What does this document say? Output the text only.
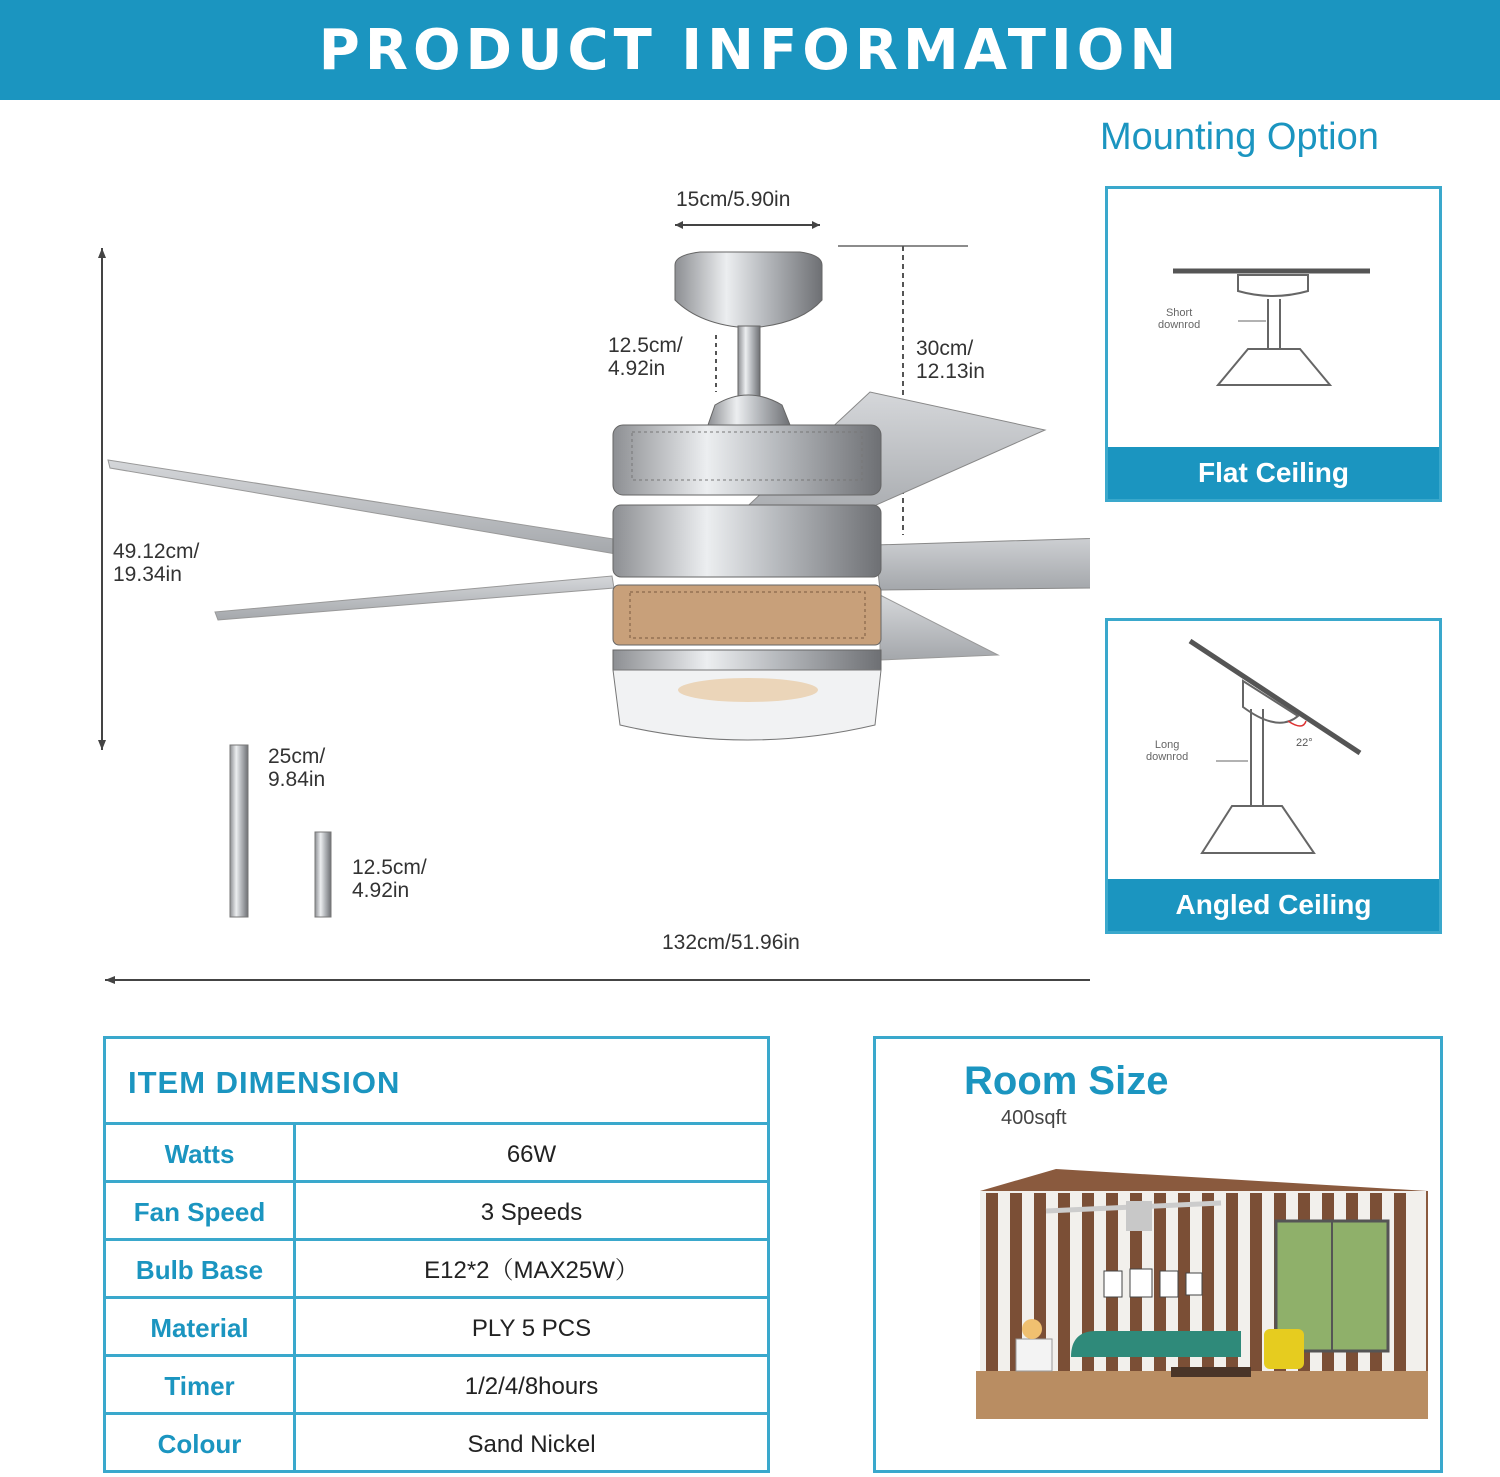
PRODUCT INFORMATION
15cm/5.90in
12.5cm/
4.92in
30cm/
12.13in
49.12cm/
19.34in
25cm/
9.84in
12.5cm/
4.92in
132cm/51.96in
Mounting Option
Short
downrod
Flat Ceiling
Long
downrod
22°
Angled Ceiling
ITEM DIMENSION
Watts	66W
Fan Speed	3 Speeds
Bulb Base	E12*2（MAX25W）
Material	PLY 5 PCS
Timer	1/2/4/8hours
Colour	Sand Nickel
Room Size
400sqft
